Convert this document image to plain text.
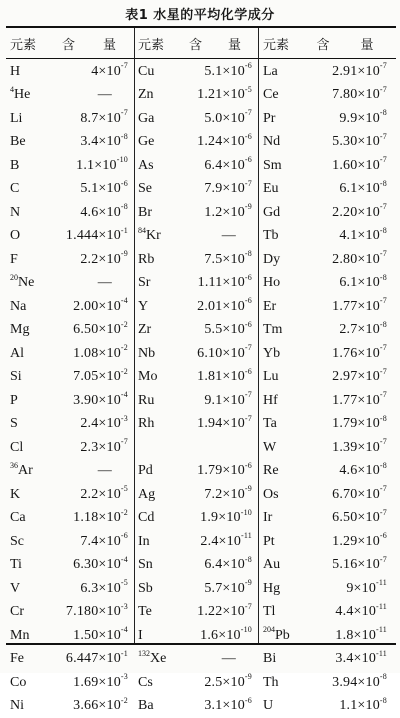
表1 水星的平均化学成分
元素	含 量
H	$4\times 10^{-7}$
$^4$He	—
Li	$8.7\times 10^{-7}$
Be	$3.4\times 10^{-8}$
B	$1.1\times 10^{-10}$
C	$5.1\times 10^{-6}$
N	$4.6\times 10^{-8}$
O	$1.444\times 10^{-1}$
F	$2.2\times 10^{-9}$
$^{20}$Ne	—
Na	$2.00\times 10^{-4}$
Mg	$6.50\times 10^{-2}$
Al	$1.08\times 10^{-2}$
Si	$7.05\times 10^{-2}$
P	$3.90\times 10^{-4}$
S	$2.4\times 10^{-3}$
Cl	$2.3\times 10^{-7}$
$^{36}$Ar	—
K	$2.2\times 10^{-5}$
Ca	$1.18\times 10^{-2}$
Sc	$7.4\times 10^{-6}$
Ti	$6.30\times 10^{-4}$
V	$6.3\times 10^{-5}$
Cr	$7.180\times 10^{-3}$
Mn	$1.50\times 10^{-4}$
Fe	$6.447\times 10^{-1}$
Co	$1.69\times 10^{-3}$
Ni	$3.66\times 10^{-2}$
元素	含 量
Cu	$5.1\times 10^{-6}$
Zn	$1.21\times 10^{-5}$
Ga	$5.0\times 10^{-7}$
Ge	$1.24\times 10^{-6}$
As	$6.4\times 10^{-6}$
Se	$7.9\times 10^{-7}$
Br	$1.2\times 10^{-9}$
$^{84}$Kr	—
Rb	$7.5\times 10^{-8}$
Sr	$1.11\times 10^{-6}$
Y	$2.01\times 10^{-6}$
Zr	$5.5\times 10^{-6}$
Nb	$6.10\times 10^{-7}$
Mo	$1.81\times 10^{-6}$
Ru	$9.1\times 10^{-7}$
Rh	$1.94\times 10^{-7}$
Pd	$1.79\times 10^{-6}$
Ag	$7.2\times 10^{-9}$
Cd	$1.9\times 10^{-10}$
In	$2.4\times 10^{-11}$
Sn	$6.4\times 10^{-8}$
Sb	$5.7\times 10^{-9}$
Te	$1.22\times 10^{-7}$
I	$1.6\times 10^{-10}$
$^{132}$Xe	—
Cs	$2.5\times 10^{-9}$
Ba	$3.1\times 10^{-6}$
元素	含 量
La	$2.91\times 10^{-7}$
Ce	$7.80\times 10^{-7}$
Pr	$9.9\times 10^{-8}$
Nd	$5.30\times 10^{-7}$
Sm	$1.60\times 10^{-7}$
Eu	$6.1\times 10^{-8}$
Gd	$2.20\times 10^{-7}$
Tb	$4.1\times 10^{-8}$
Dy	$2.80\times 10^{-7}$
Ho	$6.1\times 10^{-8}$
Er	$1.77\times 10^{-7}$
Tm	$2.7\times 10^{-8}$
Yb	$1.76\times 10^{-7}$
Lu	$2.97\times 10^{-7}$
Hf	$1.77\times 10^{-7}$
Ta	$1.79\times 10^{-8}$
W	$1.39\times 10^{-7}$
Re	$4.6\times 10^{-8}$
Os	$6.70\times 10^{-7}$
Ir	$6.50\times 10^{-7}$
Pt	$1.29\times 10^{-6}$
Au	$5.16\times 10^{-7}$
Hg	$9\times 10^{-11}$
Tl	$4.4\times 10^{-11}$
$^{204}$Pb	$1.8\times 10^{-11}$
Bi	$3.4\times 10^{-11}$
Th	$3.94\times 10^{-8}$
U	$1.1\times 10^{-8}$
